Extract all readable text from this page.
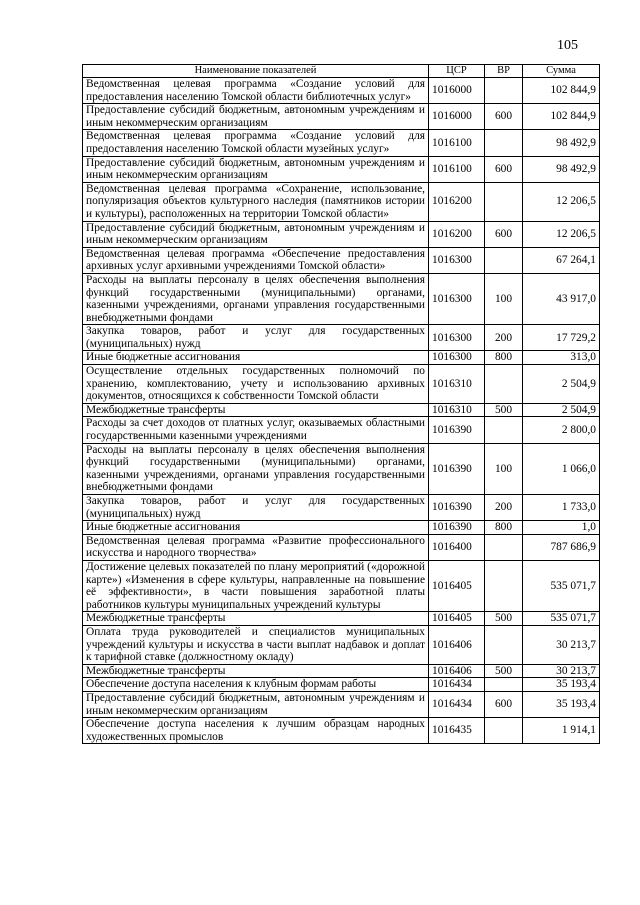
105
Наименование показателей	ЦСР	ВР	Сумма
Ведомственная целевая программа «Создание условий для предоставления населению Томской области библиотечных услуг»	1016000		102 844,9
Предоставление субсидий бюджетным, автономным учреждениям и иным некоммерческим организациям	1016000	600	102 844,9
Ведомственная целевая программа «Создание условий для предоставления населению Томской области музейных услуг»	1016100		98 492,9
Предоставление субсидий бюджетным, автономным учреждениям и иным некоммерческим организациям	1016100	600	98 492,9
Ведомственная целевая программа «Сохранение, использование, популяризация объектов культурного наследия (памятников истории и культуры), расположенных на территории Томской области»	1016200		12 206,5
Предоставление субсидий бюджетным, автономным учреждениям и иным некоммерческим организациям	1016200	600	12 206,5
Ведомственная целевая программа «Обеспечение предоставления архивных услуг архивными учреждениями Томской области»	1016300		67 264,1
Расходы на выплаты персоналу в целях обеспечения выполнения функций государственными (муниципальными) органами, казенными учреждениями, органами управления государственными внебюджетными фондами	1016300	100	43 917,0
Закупка товаров, работ и услуг для государственных (муниципальных) нужд	1016300	200	17 729,2
Иные бюджетные ассигнования	1016300	800	313,0
Осуществление отдельных государственных полномочий по хранению, комплектованию, учету и использованию архивных документов, относящихся к собственности Томской области	1016310		2 504,9
Межбюджетные трансферты	1016310	500	2 504,9
Расходы за счет доходов от платных услуг, оказываемых областными государственными казенными учреждениями	1016390		2 800,0
Расходы на выплаты персоналу в целях обеспечения выполнения функций государственными (муниципальными) органами, казенными учреждениями, органами управления государственными внебюджетными фондами	1016390	100	1 066,0
Закупка товаров, работ и услуг для государственных (муниципальных) нужд	1016390	200	1 733,0
Иные бюджетные ассигнования	1016390	800	1,0
Ведомственная целевая программа «Развитие профессионального искусства и народного творчества»	1016400		787 686,9
Достижение целевых показателей по плану мероприятий («дорожной карте») «Изменения в сфере культуры, направленные на повышение её эффективности», в части повышения заработной платы работников культуры муниципальных учреждений культуры	1016405		535 071,7
Межбюджетные трансферты	1016405	500	535 071,7
Оплата труда руководителей и специалистов муниципальных учреждений культуры и искусства в части выплат надбавок и доплат к тарифной ставке (должностному окладу)	1016406		30 213,7
Межбюджетные трансферты	1016406	500	30 213,7
Обеспечение доступа населения к клубным формам работы	1016434		35 193,4
Предоставление субсидий бюджетным, автономным учреждениям и иным некоммерческим организациям	1016434	600	35 193,4
Обеспечение доступа населения к лучшим образцам народных художественных промыслов	1016435		1 914,1
